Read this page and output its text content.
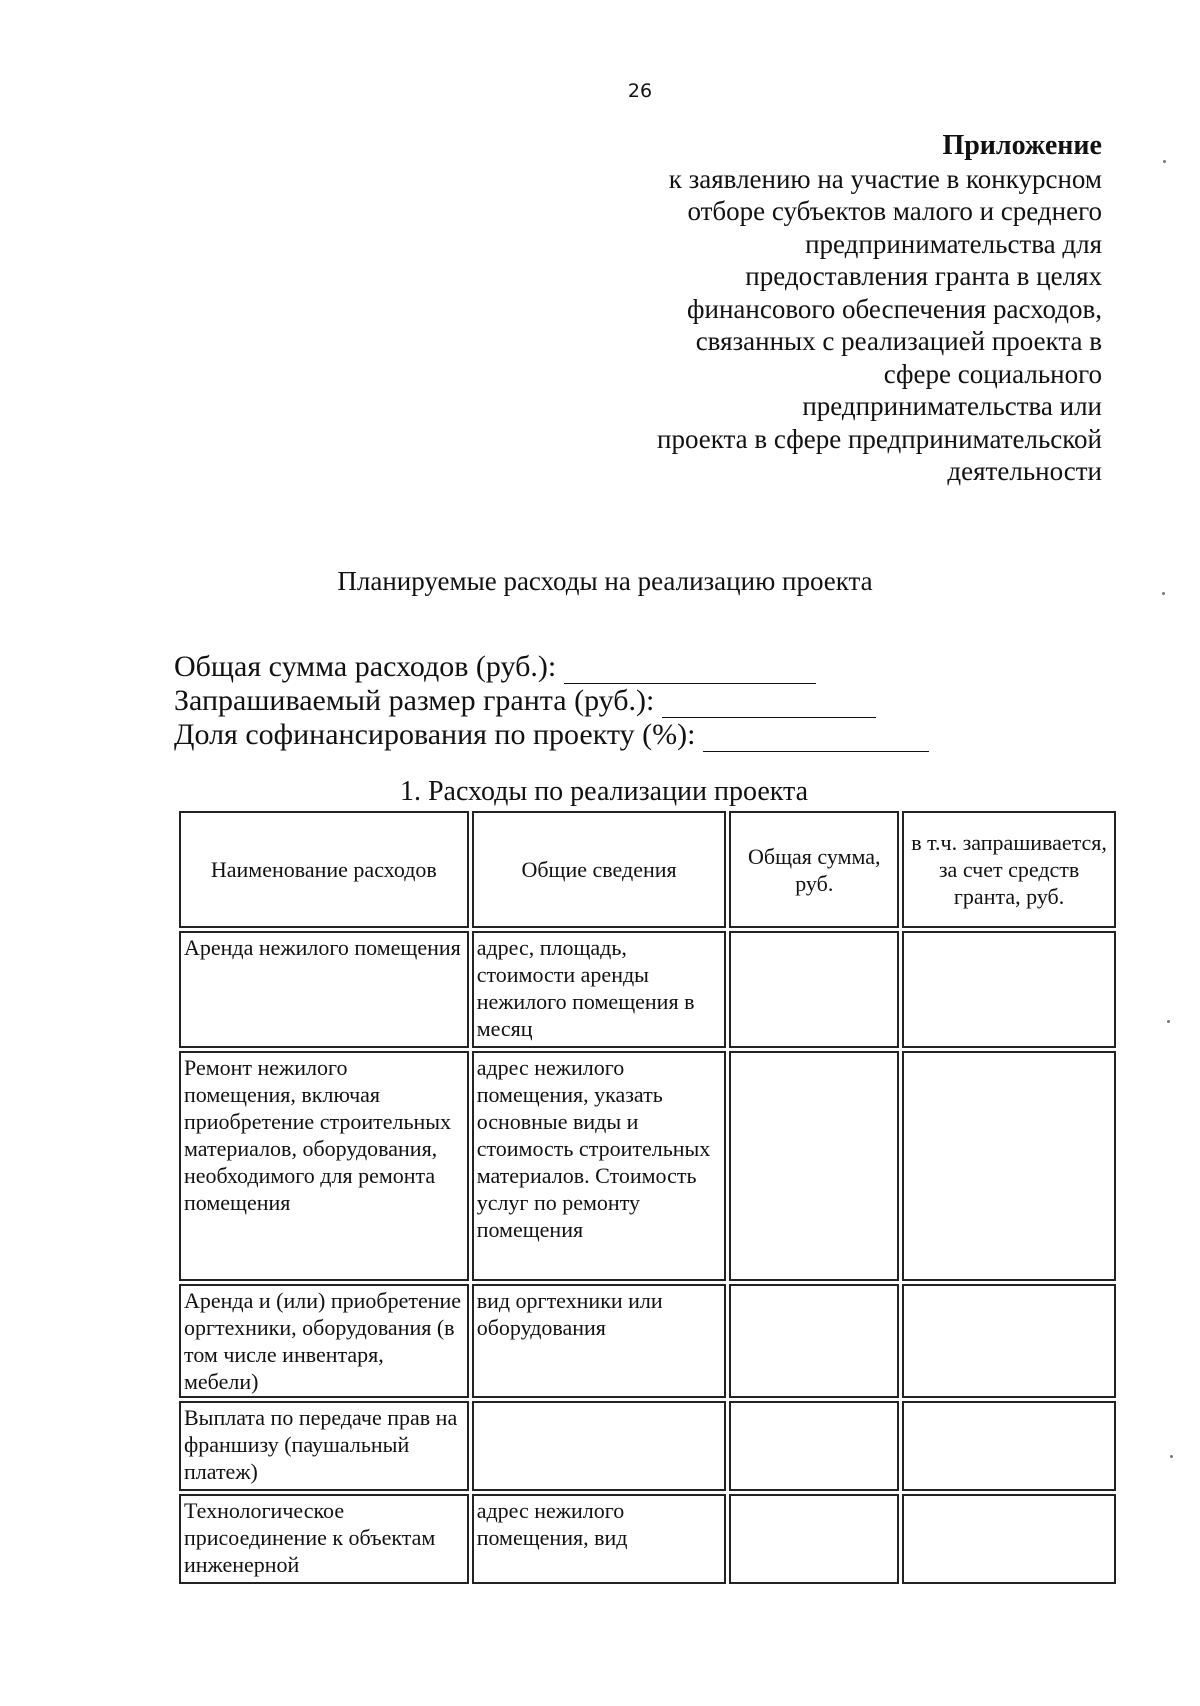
26
Приложение
к заявлению на участие в конкурсном
отборе субъектов малого и среднего
предпринимательства для
предоставления гранта в целях
финансового обеспечения расходов,
связанных с реализацией проекта в
сфере социального
предпринимательства или
проекта в сфере предпринимательской
деятельности
Планируемые расходы на реализацию проекта
Общая сумма расходов (руб.):
Запрашиваемый размер гранта (руб.):
Доля софинансирования по проекту (%):
1. Расходы по реализации проекта
Наименование расходов	Общие сведения	Общая сумма, руб.	в т.ч. запрашивается, за счет средств гранта, руб.
Аренда нежилого помещения	адрес, площадь, стоимости аренды нежилого помещения в месяц		
Ремонт нежилого помещения, включая приобретение строительных материалов, оборудования, необходимого для ремонта помещения	адрес нежилого помещения, указать основные виды и стоимость строительных материалов. Стоимость услуг по ремонту помещения		
Аренда и (или) приобретение оргтехники, оборудования (в том числе инвентаря, мебели)	вид оргтехники или оборудования		
Выплата по передаче прав на франшизу (паушальный платеж)			
Технологическое присоединение к объектам инженерной	адрес нежилого помещения, вид		
